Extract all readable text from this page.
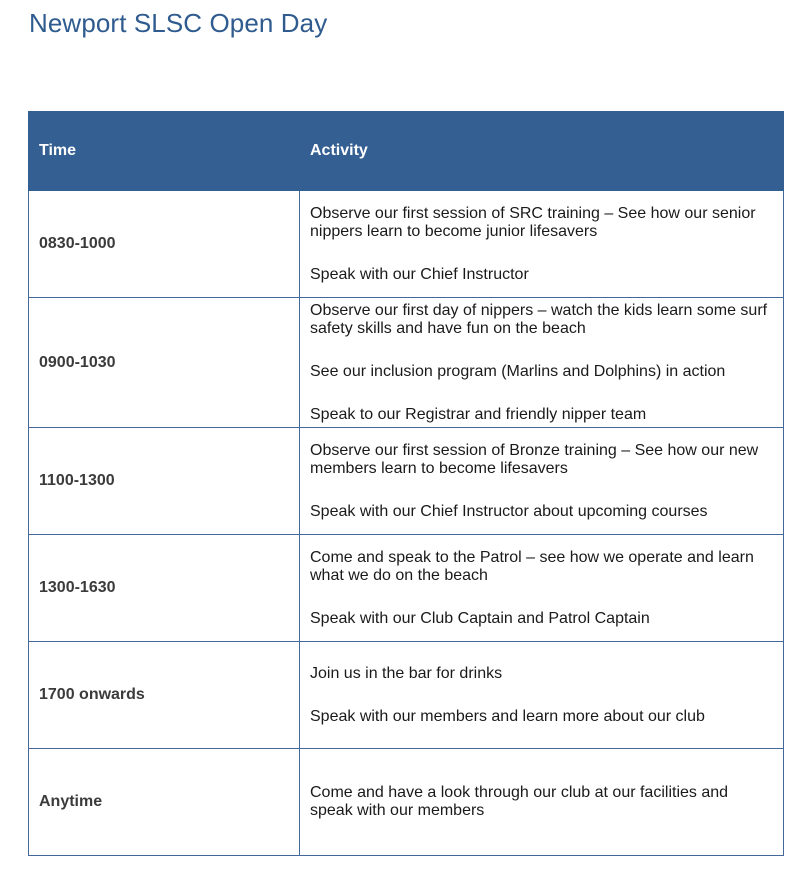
Newport SLSC Open Day
Time	Activity
0830-1000	Observe our first session of SRC training – See how our senior nippers learn to become junior lifesavers

Speak with our Chief Instructor

0900-1030	Observe our first day of nippers – watch the kids learn some surf safety skills and have fun on the beach

See our inclusion program (Marlins and Dolphins) in action

Speak to our Registrar and friendly nipper team

1100-1300	Observe our first session of Bronze training – See how our new members learn to become lifesavers

Speak with our Chief Instructor about upcoming courses

1300-1630	Come and speak to the Patrol – see how we operate and learn what we do on the beach

Speak with our Club Captain and Patrol Captain

1700 onwards	Join us in the bar for drinks

Speak with our members and learn more about our club

Anytime	Come and have a look through our club at our facilities and speak with our members
